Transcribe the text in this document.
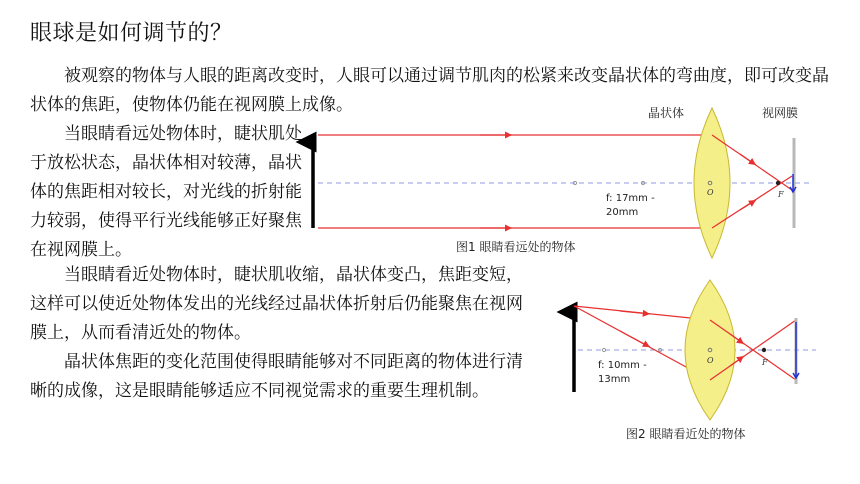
眼球是如何调节的？

被观察的物体与人眼的距离改变时，人眼可以通过调节肌肉的松紧来改变晶状体的弯曲度，即可改变晶状体的焦距，使物体仍能在视网膜上成像。

当眼睛看远处物体时，睫状肌处于放松状态，晶状体相对较薄，晶状体的焦距相对较长，对光线的折射能力较弱，使得平行光线能够正好聚焦在视网膜上。

当眼睛看近处物体时，睫状肌收缩，晶状体变凸，焦距变短，这样可以使近处物体发出的光线经过晶状体折射后仍能聚焦在视网膜上，从而看清近处的物体。

晶状体焦距的变化范围使得眼睛能够对不同距离的物体进行清晰的成像，这是眼睛能够适应不同视觉需求的重要生理机制。

晶状体	视网膜
f: 17mm -
20mm
O	F
图1 眼睛看远处的物体
f: 10mm -
13mm
O	F
图2 眼睛看近处的物体
